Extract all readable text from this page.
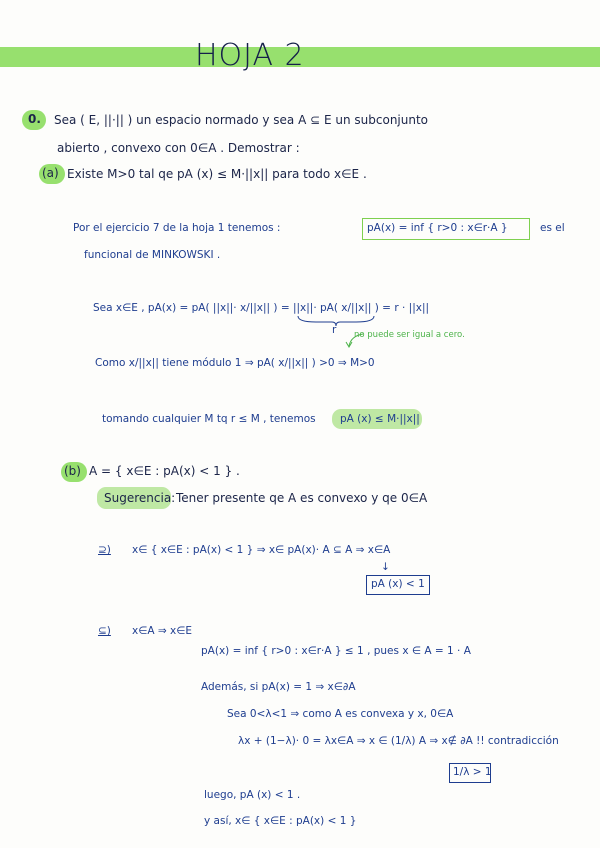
HOJA 2
0. Sea ( E, ||·|| ) un espacio normado y sea A ⊆ E un subconjunto
abierto , convexo con 0∈A . Demostrar :
(a) Existe M>0 tal qe pA (x) ≤ M·||x|| para todo x∈E .
Por el ejercicio 7 de la hoja 1 tenemos :	pA(x) = inf { r>0 : x∈r·A }	es el
funcional de MINKOWSKI .
Sea x∈E , pA(x) = pA( ||x||· x/||x|| ) = ||x||· pA( x/||x|| ) = r · ||x||
r no puede ser igual a cero.
Como x/||x|| tiene módulo 1 ⇒ pA( x/||x|| ) >0 ⇒ M>0
tomando cualquier M tq r ≤ M , tenemos pA (x) ≤ M·||x||
(b) A = { x∈E : pA(x) < 1 } .
Sugerencia: Tener presente qe A es convexo y qe 0∈A
⊇) x∈ { x∈E : pA(x) < 1 } ⇒ x∈ pA(x)· A ⊆ A ⇒ x∈A
↓
pA (x) < 1
⊆) x∈A ⇒ x∈E
pA(x) = inf { r>0 : x∈r·A } ≤ 1 , pues x ∈ A = 1 · A
Además, si pA(x) = 1 ⇒ x∈∂A
Sea 0<λ<1 ⇒ como A es convexa y x, 0∈A
λx + (1−λ)· 0 = λx∈A ⇒ x ∈ (1/λ) A ⇒ x∉ ∂A !! contradicción
1/λ > 1
luego, pA (x) < 1 .
y así, x∈ { x∈E : pA(x) < 1 }
